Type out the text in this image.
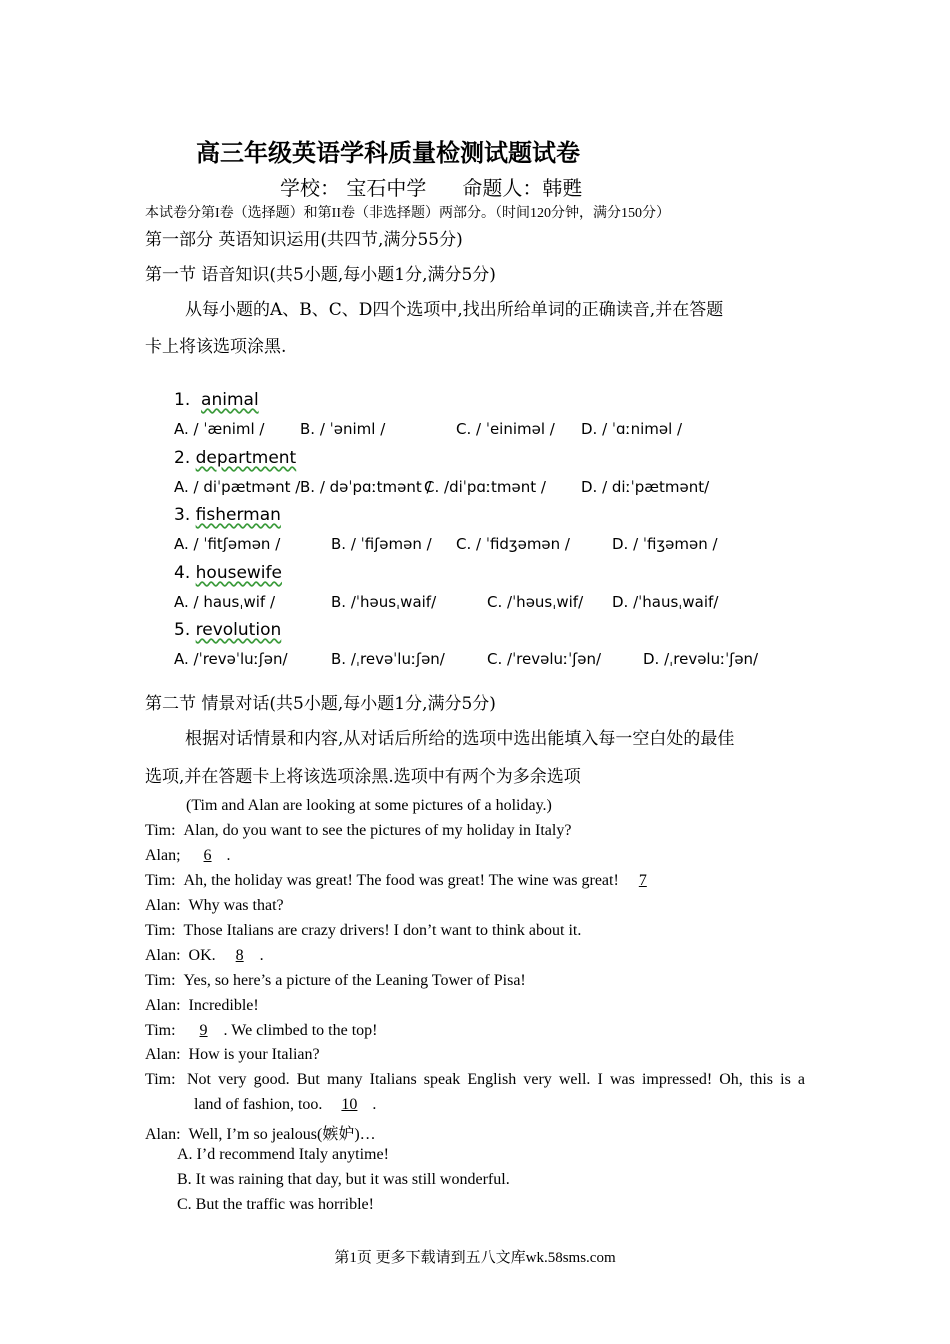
高三年级英语学科质量检测试题试卷
学校： 宝石中学 命题人：韩甦
本试卷分第I卷（选择题）和第II卷（非选择题）两部分。（时间120分钟，满分150分）
第一部分 英语知识运用(共四节,满分55分)
第一节 语音知识(共5小题,每小题1分,满分5分)
从每小题的A、B、C、D四个选项中,找出所给单词的正确读音,并在答题
卡上将该选项涂黑.
1. animal
A. / ˈæniml / B. / ˈəniml /	C. / ˈeiniməl / D. / ˈɑːniməl /
2. department
A. / diˈpætmənt / B. / dəˈpɑːtmənt /
C. /diˈpɑːtmənt / D. / diːˈpætmənt/
3. fisherman
A. / ˈfitʃəmən /	B. / ˈfiʃəmən / C. / ˈfidʒəmən /	D. / ˈfiʒəmən /
4. housewife
A. / hausˌwif /	B. /ˈhəusˌwaif/	C. /ˈhəusˌwif/ D. /ˈhausˌwaif/
5. revolution
A. /ˈrevəˈluːʃən/	B. /ˌrevəˈluːʃən/	C. /ˈrevəluːˈʃən/	D. /ˌrevəluːˈʃən/
第二节 情景对话(共5小题,每小题1分,满分5分)
根据对话情景和内容,从对话后所给的选项中选出能填入每一空白处的最佳
选项,并在答题卡上将该选项涂黑.选项中有两个为多余选项
(Tim and Alan are looking at some pictures of a holiday.)
Tim: Alan, do you want to see the pictures of my holiday in Italy?
Alan; 6 .
Tim: Ah, the holiday was great! The food was great! The wine was great! 7
Alan: Why was that?
Tim: Those Italians are crazy drivers! I don’t want to think about it.
Alan: OK. 8 .
Tim: Yes, so here’s a picture of the Leaning Tower of Pisa!
Alan: Incredible!
Tim: 9 . We climbed to the top!
Alan: How is your Italian?
Tim: Not very good. But many Italians speak English very well. I was impressed! Oh, this is a
land of fashion, too. 10 .
Alan: Well, I’m so jealous(嫉妒)…
A. I’d recommend Italy anytime!
B. It was raining that day, but it was still wonderful.
C. But the traffic was horrible!
第1页 更多下载请到五八文库wk.58sms.com
